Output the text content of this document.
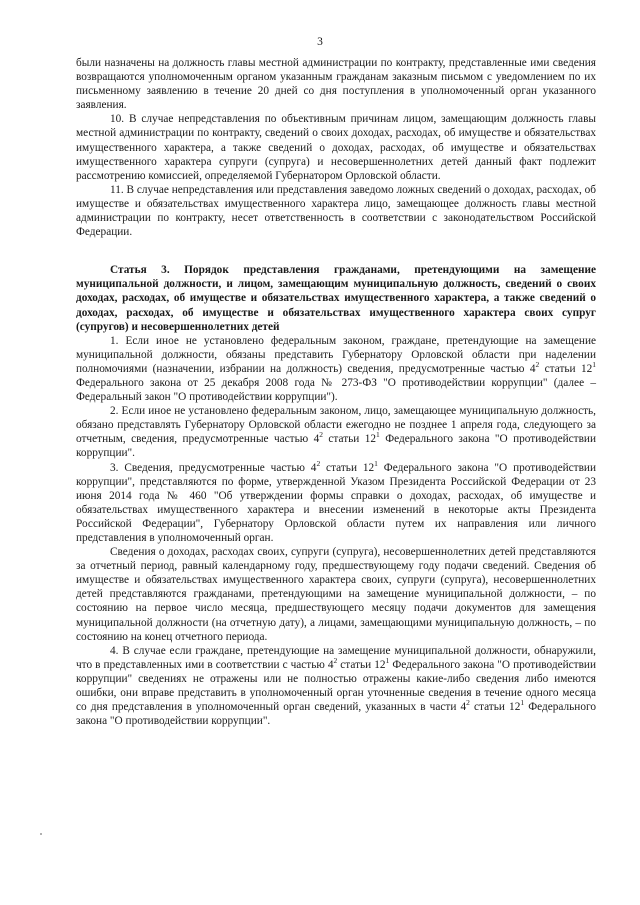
3

были назначены на должность главы местной администрации по контракту, представленные ими сведения возвращаются уполномоченным органом указанным гражданам заказным письмом с уведомлением по их письменному заявлению в течение 20 дней со дня поступления в уполномоченный орган указанного заявления.

10. В случае непредставления по объективным причинам лицом, замещающим должность главы местной администрации по контракту, сведений о своих доходах, расходах, об имуществе и обязательствах имущественного характера, а также сведений о доходах, расходах, об имуществе и обязательствах имущественного характера супруги (супруга) и несовершеннолетних детей данный факт подлежит рассмотрению комиссией, определяемой Губернатором Орловской области.

11. В случае непредставления или представления заведомо ложных сведений о доходах, расходах, об имуществе и обязательствах имущественного характера лицо, замещающее должность главы местной администрации по контракту, несет ответственность в соответствии с законодательством Российской Федерации.

Статья 3. Порядок представления гражданами, претендующими на замещение муниципальной должности, и лицом, замещающим муниципальную должность, сведений о своих доходах, расходах, об имуществе и обязательствах имущественного характера, а также сведений о доходах, расходах, об имуществе и обязательствах имущественного характера своих супруг (супругов) и несовершеннолетних детей

1. Если иное не установлено федеральным законом, граждане, претендующие на замещение муниципальной должности, обязаны представить Губернатору Орловской области при наделении полномочиями (назначении, избрании на должность) сведения, предусмотренные частью $4^2$ статьи $12^1$ Федерального закона от 25 декабря 2008 года № 273-ФЗ "О противодействии коррупции" (далее – Федеральный закон "О противодействии коррупции").

2. Если иное не установлено федеральным законом, лицо, замещающее муниципальную должность, обязано представлять Губернатору Орловской области ежегодно не позднее 1 апреля года, следующего за отчетным, сведения, предусмотренные частью $4^2$ статьи $12^1$ Федерального закона "О противодействии коррупции".

3. Сведения, предусмотренные частью $4^2$ статьи $12^1$ Федерального закона "О противодействии коррупции", представляются по форме, утвержденной Указом Президента Российской Федерации от 23 июня 2014 года № 460 "Об утверждении формы справки о доходах, расходах, об имуществе и обязательствах имущественного характера и внесении изменений в некоторые акты Президента Российской Федерации", Губернатору Орловской области путем их направления или личного представления в уполномоченный орган.

Сведения о доходах, расходах своих, супруги (супруга), несовершеннолетних детей представляются за отчетный период, равный календарному году, предшествующему году подачи сведений. Сведения об имуществе и обязательствах имущественного характера своих, супруги (супруга), несовершеннолетних детей представляются гражданами, претендующими на замещение муниципальной должности, – по состоянию на первое число месяца, предшествующего месяцу подачи документов для замещения муниципальной должности (на отчетную дату), а лицами, замещающими муниципальную должность, – по состоянию на конец отчетного периода.

4. В случае если граждане, претендующие на замещение муниципальной должности, обнаружили, что в представленных ими в соответствии с частью $4^2$ статьи $12^1$ Федерального закона "О противодействии коррупции" сведениях не отражены или не полностью отражены какие-либо сведения либо имеются ошибки, они вправе представить в уполномоченный орган уточненные сведения в течение одного месяца со дня представления в уполномоченный орган сведений, указанных в части $4^2$ статьи $12^1$ Федерального закона "О противодействии коррупции".
